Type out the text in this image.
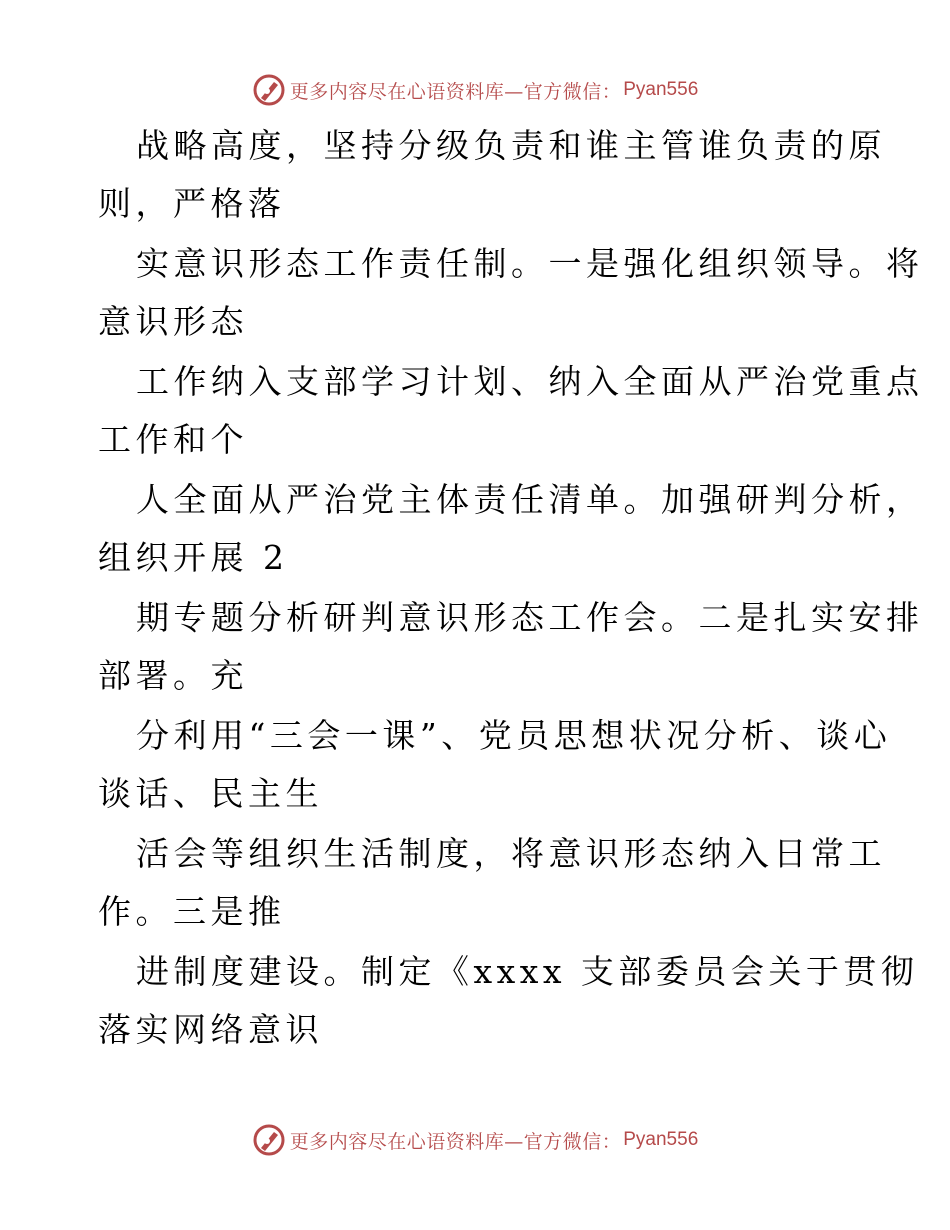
更多内容尽在心语资料库—官方微信： Pyan556
战略高度，坚持分级负责和谁主管谁负责的原
则，严格落
实意识形态工作责任制。一是强化组织领导。将
意识形态
工作纳入支部学习计划、纳入全面从严治党重点
工作和个
人全面从严治党主体责任清单。加强研判分析，
组织开展 2
期专题分析研判意识形态工作会。二是扎实安排
部署。充
分利用“三会一课”、党员思想状况分析、谈心
谈话、民主生
活会等组织生活制度，将意识形态纳入日常工
作。三是推
进制度建设。制定《xxxx 支部委员会关于贯彻
落实网络意识
更多内容尽在心语资料库—官方微信： Pyan556
